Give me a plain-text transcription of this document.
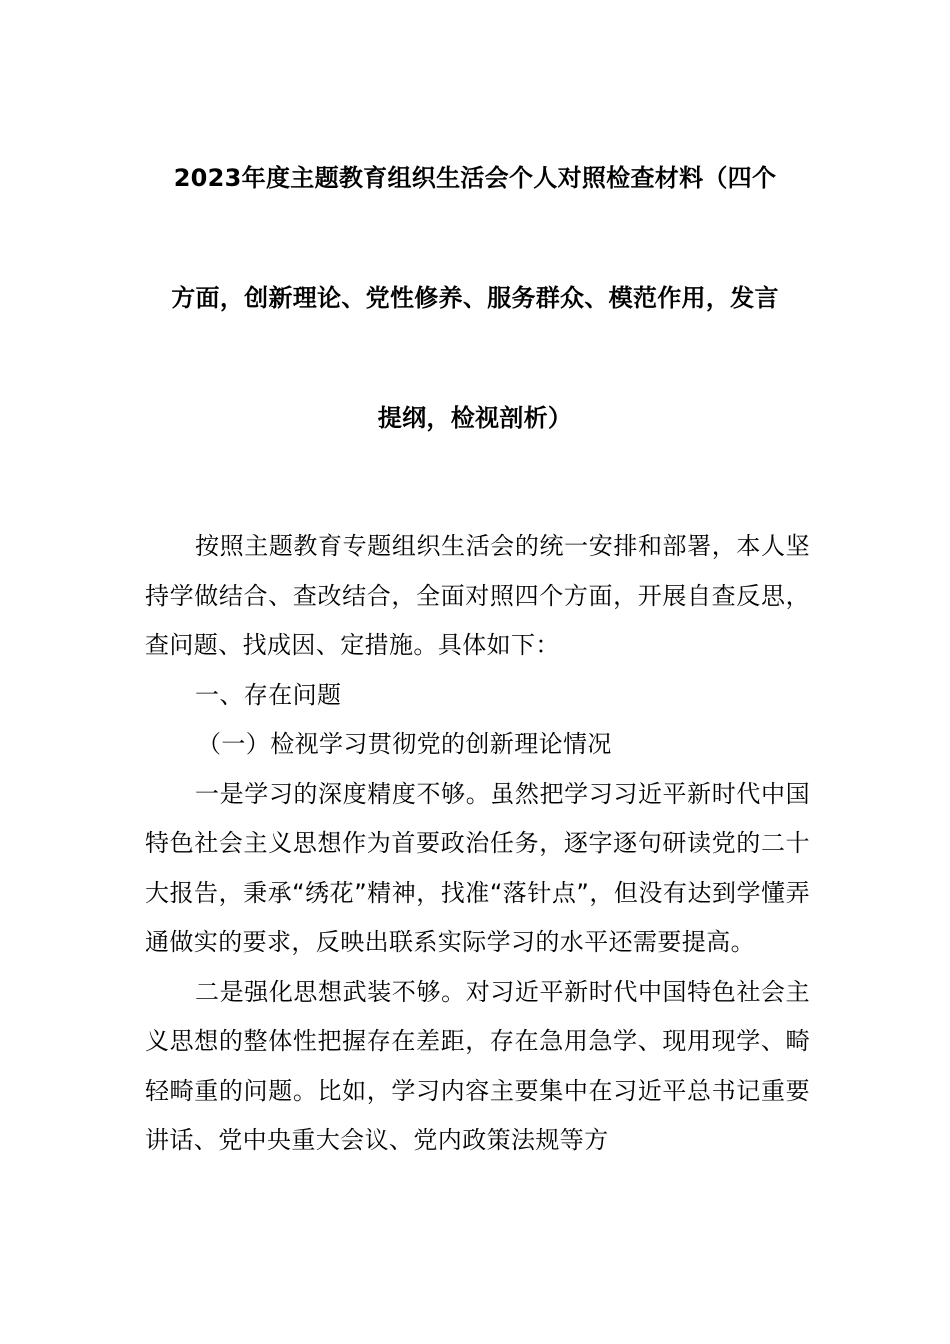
2023年度主题教育组织生活会个人对照检查材料（四个
方面，创新理论、党性修养、服务群众、模范作用，发言
提纲，检视剖析）

按照主题教育专题组织生活会的统一安排和部署，本人坚持学做结合、查改结合，全面对照四个方面，开展自查反思，查问题、找成因、定措施。具体如下：

一、存在问题

（一）检视学习贯彻党的创新理论情况

一是学习的深度精度不够。虽然把学习习近平新时代中国特色社会主义思想作为首要政治任务，逐字逐句研读党的二十大报告，秉承“绣花”精神，找准“落针点”，但没有达到学懂弄通做实的要求，反映出联系实际学习的水平还需要提高。

二是强化思想武装不够。对习近平新时代中国特色社会主义思想的整体性把握存在差距，存在急用急学、现用现学、畸轻畸重的问题。比如，学习内容主要集中在习近平总书记重要讲话、党中央重大会议、党内政策法规等方
